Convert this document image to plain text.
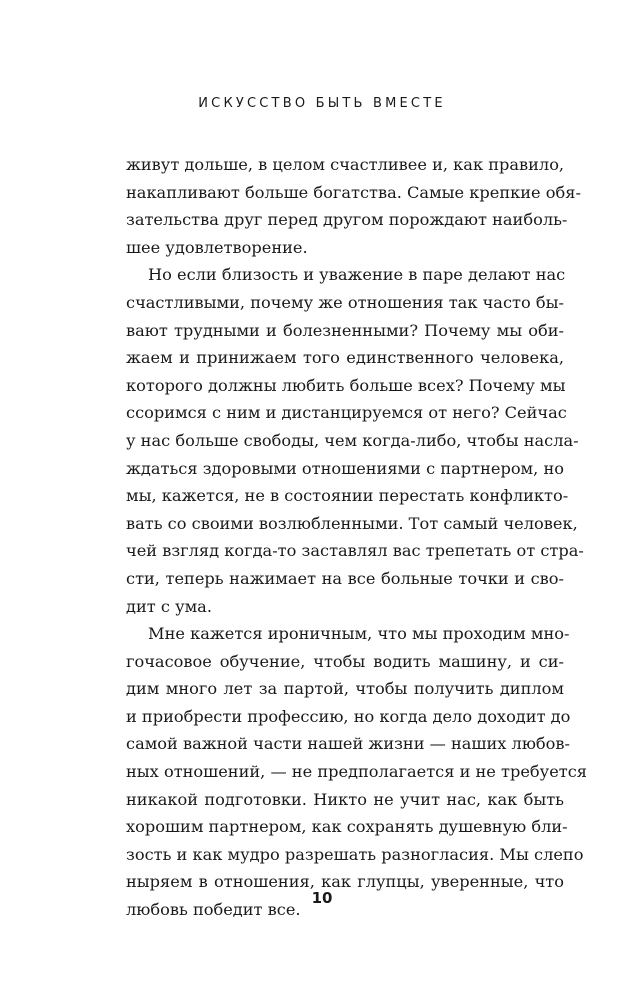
ИСКУССТВО БЫТЬ ВМЕСТЕ
живут дольше, в целом счастливее и, как правило,
накапливают больше богатства. Самые крепкие обя-
зательства друг перед другом порождают наиболь-
шее удовлетворение.
Но если близость и уважение в паре делают нас
счастливыми, почему же отношения так часто бы-
вают трудными и болезненными? Почему мы оби-
жаем и принижаем того единственного человека,
которого должны любить больше всех? Почему мы
ссоримся с ним и дистанцируемся от него? Сейчас
у нас больше свободы, чем когда-либо, чтобы насла-
ждаться здоровыми отношениями с партнером, но
мы, кажется, не в состоянии перестать конфликто-
вать со своими возлюбленными. Тот самый человек,
чей взгляд когда-то заставлял вас трепетать от стра-
сти, теперь нажимает на все больные точки и сво-
дит с ума.
Мне кажется ироничным, что мы проходим мно-
гочасовое обучение, чтобы водить машину, и си-
дим много лет за партой, чтобы получить диплом
и приобрести профессию, но когда дело доходит до
самой важной части нашей жизни — наших любов-
ных отношений, — не предполагается и не требуется
никакой подготовки. Никто не учит нас, как быть
хорошим партнером, как сохранять душевную бли-
зость и как мудро разрешать разногласия. Мы слепо
ныряем в отношения, как глупцы, уверенные, что
любовь победит все.
10
